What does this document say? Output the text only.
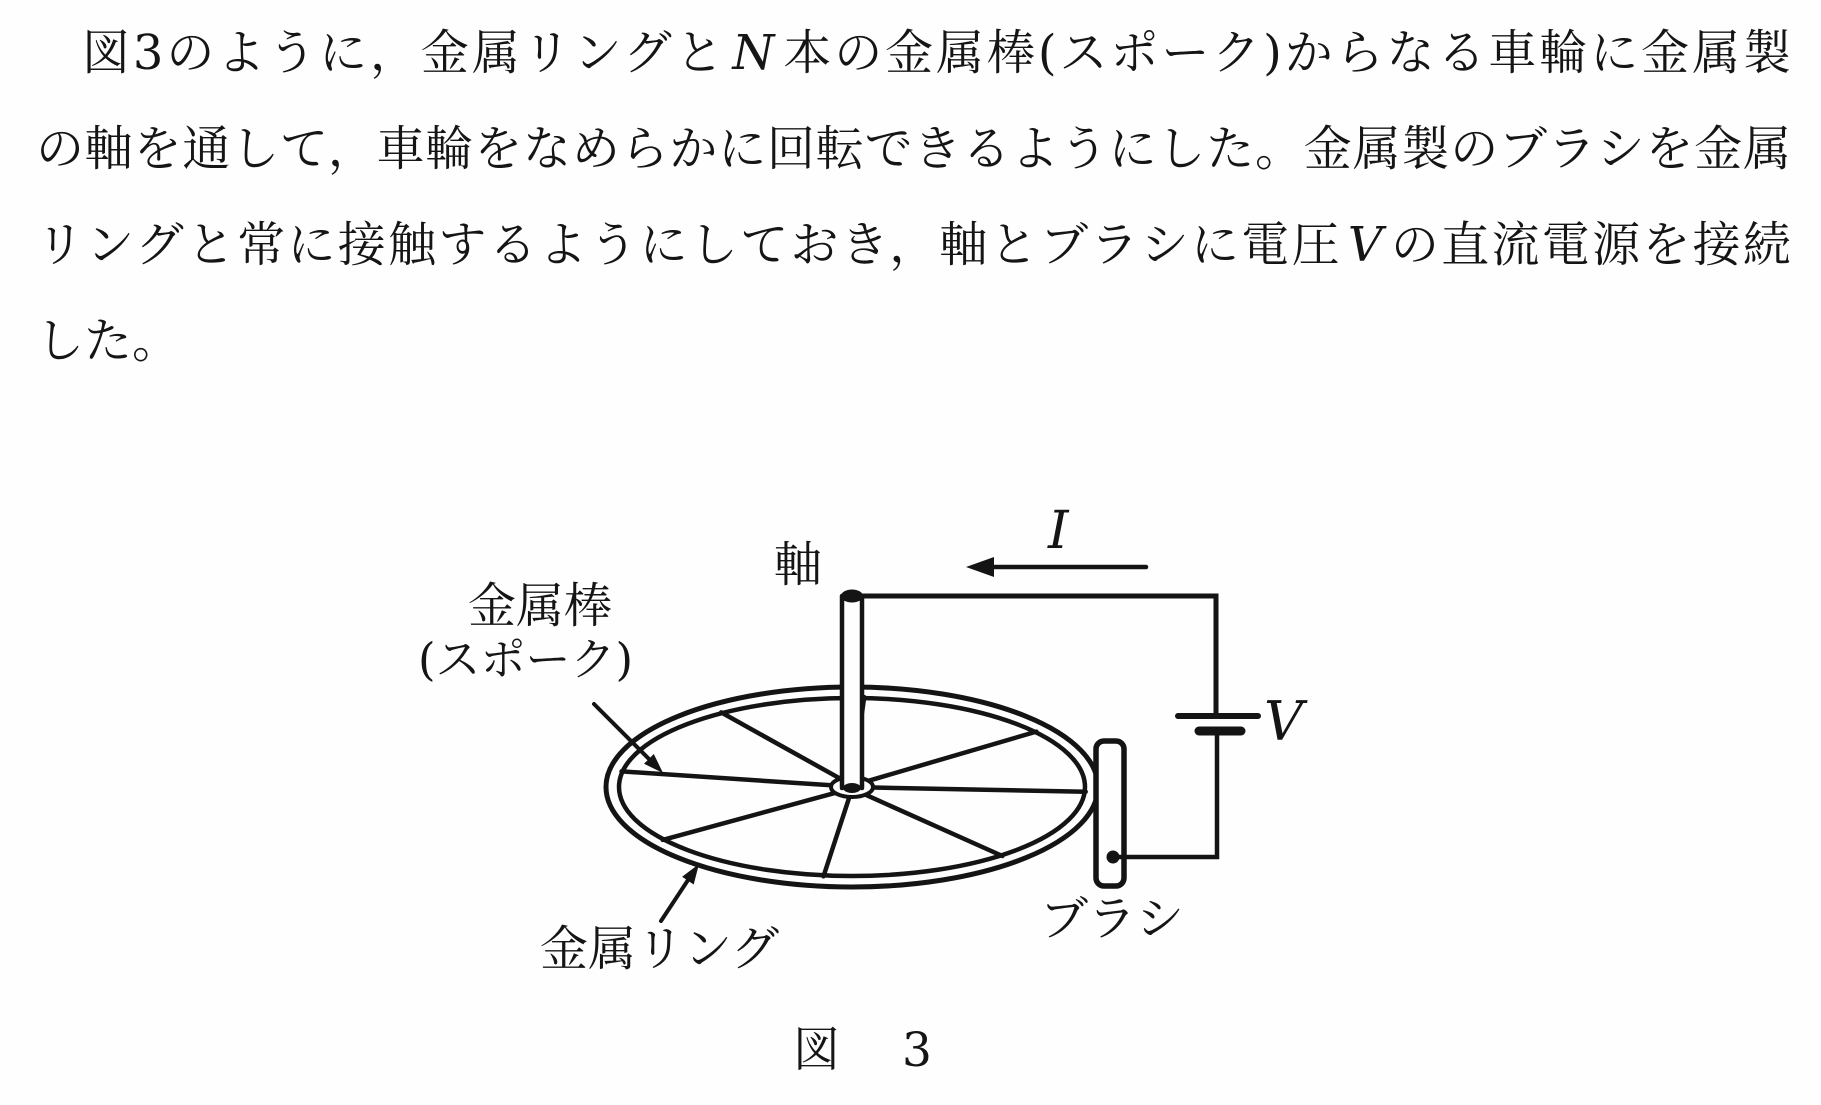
図3のように，金属リングと N 本の金属棒(スポーク)からなる車輪に金属製
の軸を通して，車輪をなめらかに回転できるようにした。金属製のブラシを金属
リングと常に接触するようにしておき，軸とブラシに電圧 V の直流電源を接続
した。
軸
金属棒
(スポーク)
金属リング
ブラシ
I
V
図 3
